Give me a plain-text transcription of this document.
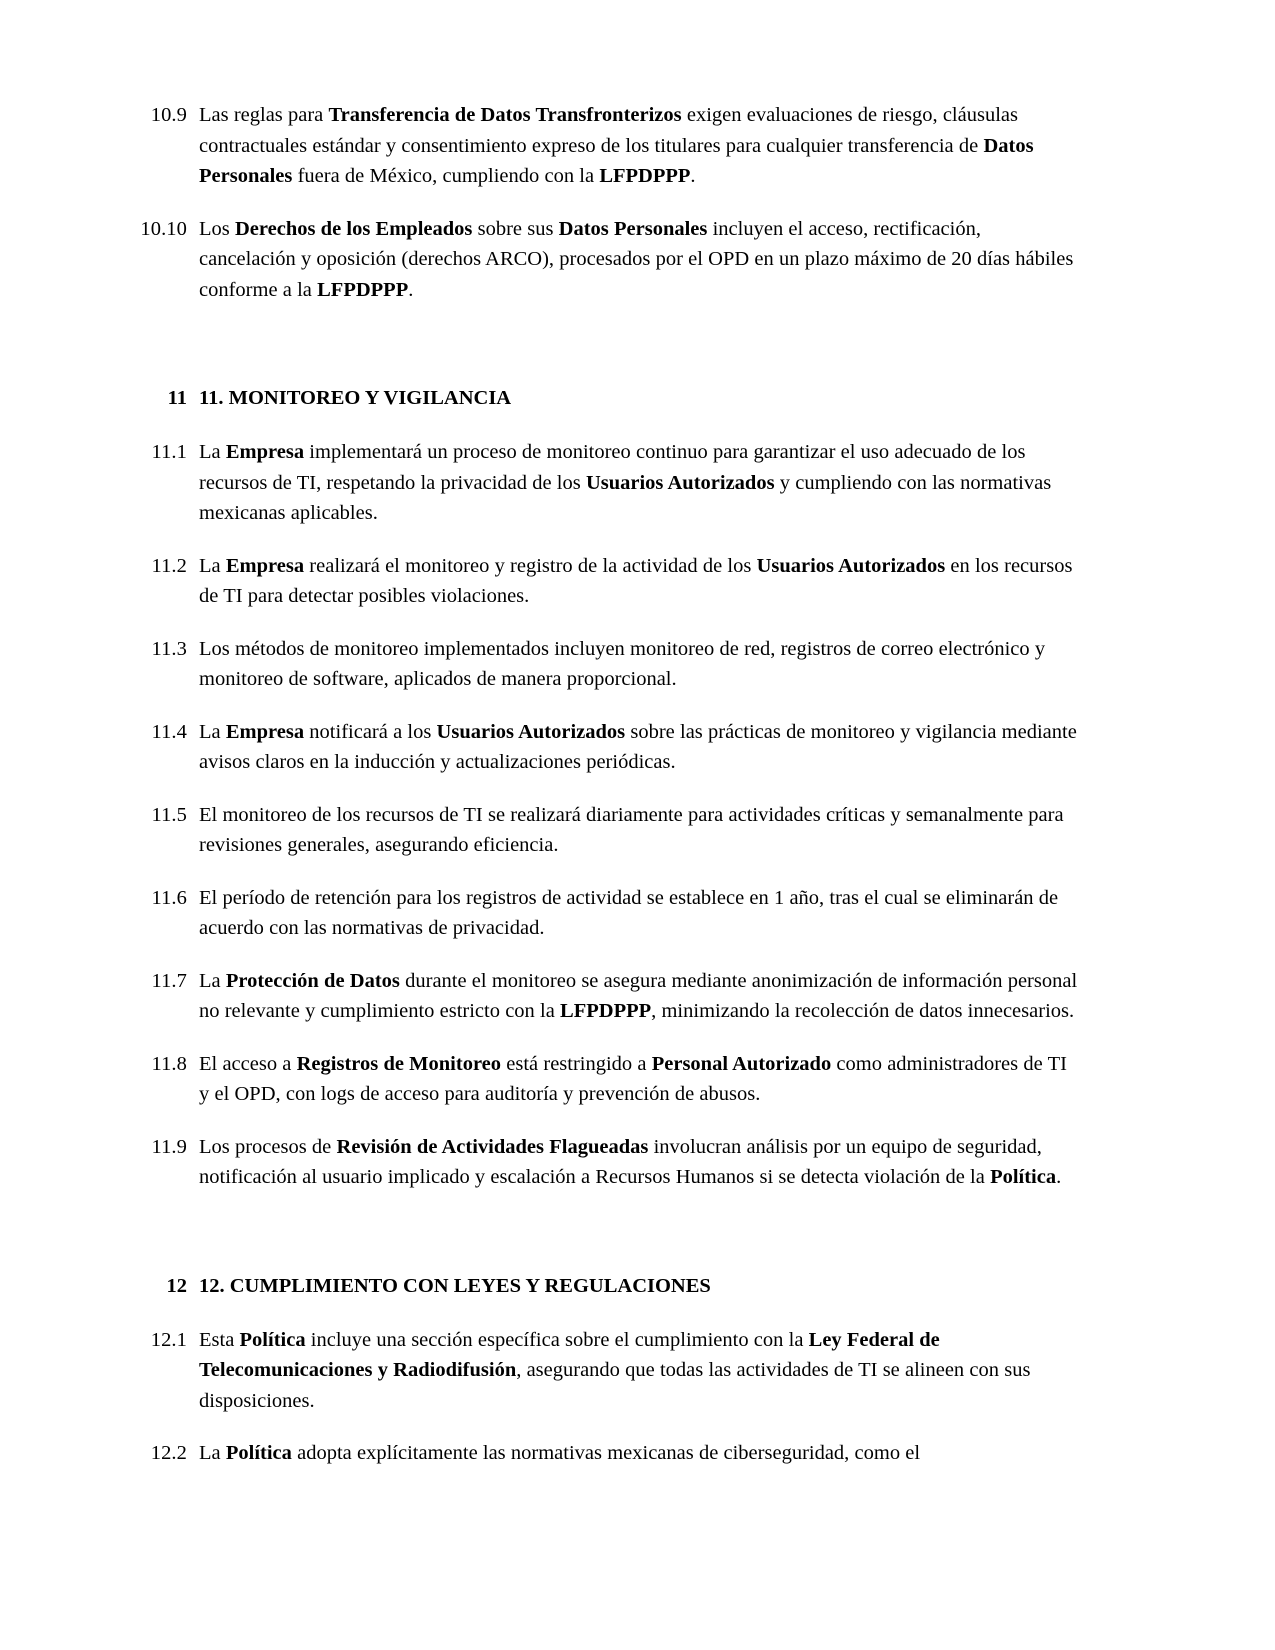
10.9 Las reglas para Transferencia de Datos Transfronterizos exigen evaluaciones de riesgo, cláusulas contractuales estándar y consentimiento expreso de los titulares para cualquier transferencia de Datos Personales fuera de México, cumpliendo con la LFPDPPP.
10.10 Los Derechos de los Empleados sobre sus Datos Personales incluyen el acceso, rectificación, cancelación y oposición (derechos ARCO), procesados por el OPD en un plazo máximo de 20 días hábiles conforme a la LFPDPPP.
11 11. MONITOREO Y VIGILANCIA
11.1 La Empresa implementará un proceso de monitoreo continuo para garantizar el uso adecuado de los recursos de TI, respetando la privacidad de los Usuarios Autorizados y cumpliendo con las normativas mexicanas aplicables.
11.2 La Empresa realizará el monitoreo y registro de la actividad de los Usuarios Autorizados en los recursos de TI para detectar posibles violaciones.
11.3 Los métodos de monitoreo implementados incluyen monitoreo de red, registros de correo electrónico y monitoreo de software, aplicados de manera proporcional.
11.4 La Empresa notificará a los Usuarios Autorizados sobre las prácticas de monitoreo y vigilancia mediante avisos claros en la inducción y actualizaciones periódicas.
11.5 El monitoreo de los recursos de TI se realizará diariamente para actividades críticas y semanalmente para revisiones generales, asegurando eficiencia.
11.6 El período de retención para los registros de actividad se establece en 1 año, tras el cual se eliminarán de acuerdo con las normativas de privacidad.
11.7 La Protección de Datos durante el monitoreo se asegura mediante anonimización de información personal no relevante y cumplimiento estricto con la LFPDPPP, minimizando la recolección de datos innecesarios.
11.8 El acceso a Registros de Monitoreo está restringido a Personal Autorizado como administradores de TI y el OPD, con logs de acceso para auditoría y prevención de abusos.
11.9 Los procesos de Revisión de Actividades Flagueadas involucran análisis por un equipo de seguridad, notificación al usuario implicado y escalación a Recursos Humanos si se detecta violación de la Política.
12 12. CUMPLIMIENTO CON LEYES Y REGULACIONES
12.1 Esta Política incluye una sección específica sobre el cumplimiento con la Ley Federal de Telecomunicaciones y Radiodifusión, asegurando que todas las actividades de TI se alineen con sus disposiciones.
12.2 La Política adopta explícitamente las normativas mexicanas de ciberseguridad, como el
